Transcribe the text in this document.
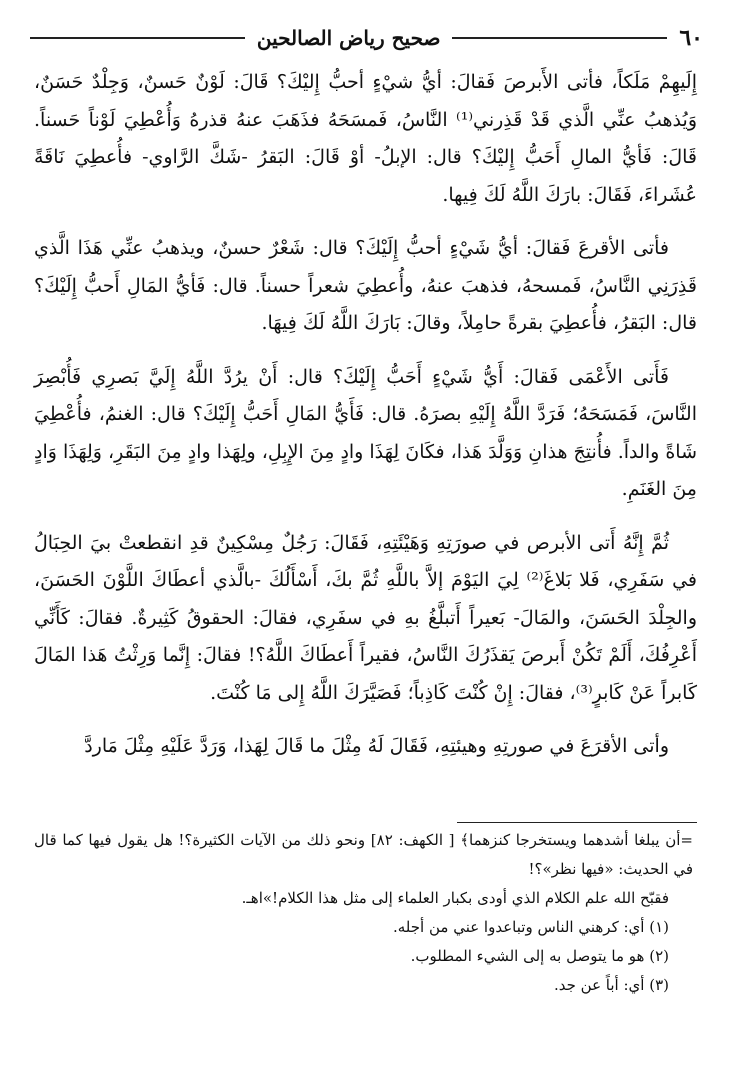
٦٠
صحيح رياض الصالحين

إِلَيهِمْ مَلَكاً، فأتى الأَبرصَ فَقالَ: أيُّ شيْءٍ أحبُّ إِليْكَ؟ قَالَ: لَوْنٌ حَسنٌ، وَجِلْدٌ حَسَنٌ، وَيُذهبُ عنِّي الَّذي قَدْ قَذِرني⁽¹⁾ النَّاسُ، فَمسَحَهُ فذَهَبَ عنهُ قذرهُ وَأُعْطِيَ لَوْناً حَسناً. قَالَ: فَأيُّ المالِ أَحَبُّ إِليْكَ؟ قال: الإبلُ- أوْ قَالَ: البَقرُ -شَكَّ الرَّاوي- فأُعطِيَ نَاقَةً عُشَراءَ، فَقَالَ: بارَكَ اللَّهُ لَكَ فِيها.

فأتى الأقرعَ فَقالَ: أيُّ شَيْءٍ أحبُّ إِلَيْكَ؟ قال: شَعْرٌ حسنٌ، ويذهبُ عنِّي هَذَا الَّذي قَذِرَنِي النَّاسُ، فَمسحهُ، فذهبَ عنهُ، وأُعطِيَ شعراً حسناً. قال: فَأيُّ المَالِ أَحبُّ إِلَيْكَ؟ قال: البَقرُ، فأُعطِيَ بقرةً حامِلاً، وقالَ: بَارَكَ اللَّهُ لَكَ فِيهَا.

فَأَتى الأَعْمَى فَقالَ: أَيُّ شَيْءٍ أَحَبُّ إِلَيْكَ؟ قال: أَنْ يرُدَّ اللَّهُ إِلَيَّ بَصرِي فَأُبْصِرَ النَّاسَ، فَمَسَحَهُ؛ فَرَدَّ اللَّهُ إِلَيْهِ بصرَهُ. قال: فَأَيُّ المَالِ أَحَبُّ إِلَيْكَ؟ قال: الغنمُ، فأُعْطِيَ شَاةً والداً. فأُنتِجَ هذانِ وَوَلَّدَ هَذا، فكَانَ لِهَذَا وادٍ مِنَ الإِبِلِ، ولِهَذا وادٍ مِنَ البَقَرِ، وَلِهَذَا وَادٍ مِنَ الغَنَمِ.

ثُمَّ إِنَّهُ أَتى الأبرص في صورَتِهِ وَهَيْئَتِهِ، فَقَالَ: رَجُلٌ مِسْكِينٌ قدِ انقطعتْ بيَ الحِبَالُ في سَفَرِي، فَلا بَلاغَ⁽²⁾ لِيَ اليَوْمَ إلاَّ باللَّهِ ثُمَّ بكَ، أَسْأَلُكَ -بالَّذي أعطَاكَ اللَّوْنَ الحَسَنَ، والجِلْدَ الحَسَنَ، والمَالَ- بَعيراً أَتبلَّغُ بهِ في سفَرِي، فقالَ: الحقوقُ كَثِيرةٌ. فقالَ: كَأَنِّي أَعْرِفُكَ، أَلَمْ تَكُنْ أَبرصَ يَقذَرُكَ النَّاسُ، فقيراً أَعطَاكَ اللَّهُ؟! فقالَ: إِنَّما وَرِثْتُ هَذا المَالَ كَابراً عَنْ كَابرٍ⁽³⁾، فقالَ: إِنْ كُنْتَ كَاذِباً؛ فَصَيَّرَكَ اللَّهُ إِلى مَا كُنْتَ.

وأتى الأقرَعَ في صورتِهِ وهيئتِهِ، فَقَالَ لَهُ مِثْلَ ما قَالَ لِهَذا، وَرَدَّ عَلَيْهِ مِثْلَ مَاردَّ

=أن يبلغا أشدهما ويستخرجا كنزهما﴾ [ الكهف: ٨٢] ونحو ذلك من الآيات الكثيرة؟! هل يقول فيها كما قال في الحديث: «فيها نظر»؟!

فقبّح الله علم الكلام الذي أودى بكبار العلماء إلى مثل هذا الكلام!»اهـ.

(١) أي: كرهني الناس وتباعدوا عني من أجله.

(٢) هو ما يتوصل به إلى الشيء المطلوب.

(٣) أي: أباً عن جد.
